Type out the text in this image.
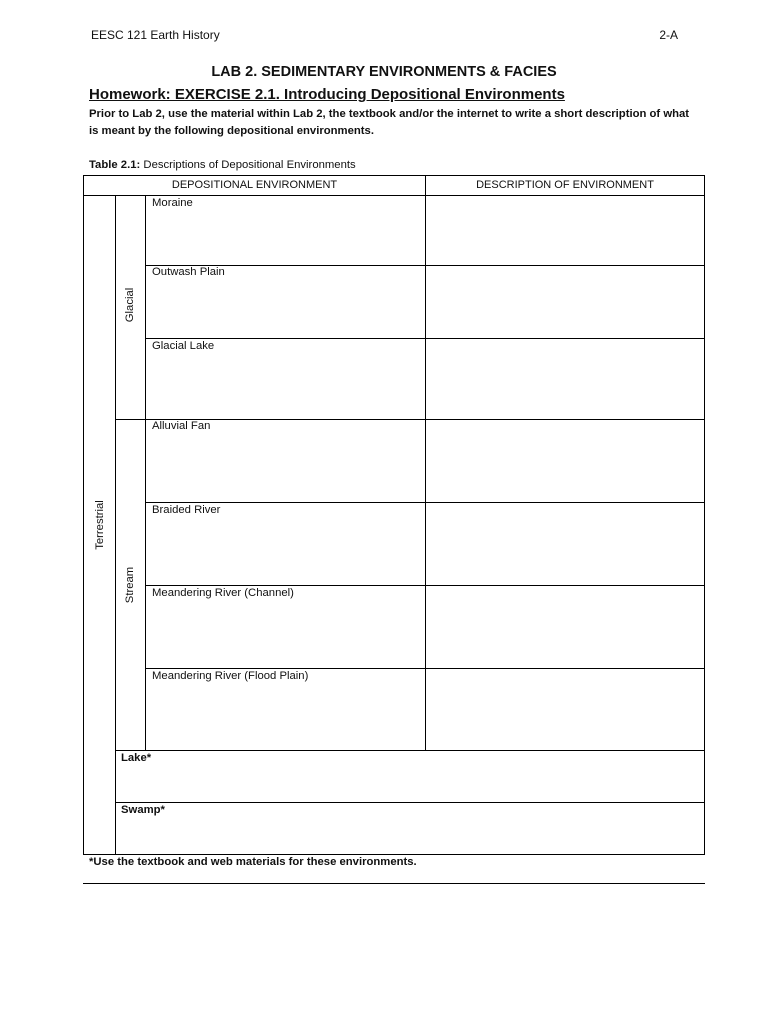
EESC 121 Earth History	2-A
LAB 2. SEDIMENTARY ENVIRONMENTS & FACIES
Homework: EXERCISE 2.1. Introducing Depositional Environments
Prior to Lab 2, use the material within Lab 2, the textbook and/or the internet to write a short description of what is meant by the following depositional environments.
Table 2.1: Descriptions of Depositional Environments
DEPOSITIONAL ENVIRONMENT	DESCRIPTION OF ENVIRONMENT
Terrestrial
Glacial
Stream
Moraine
Outwash Plain
Glacial Lake
Alluvial Fan
Braided River
Meandering River (Channel)
Meandering River (Flood Plain)
Lake*
Swamp*
*Use the textbook and web materials for these environments.
